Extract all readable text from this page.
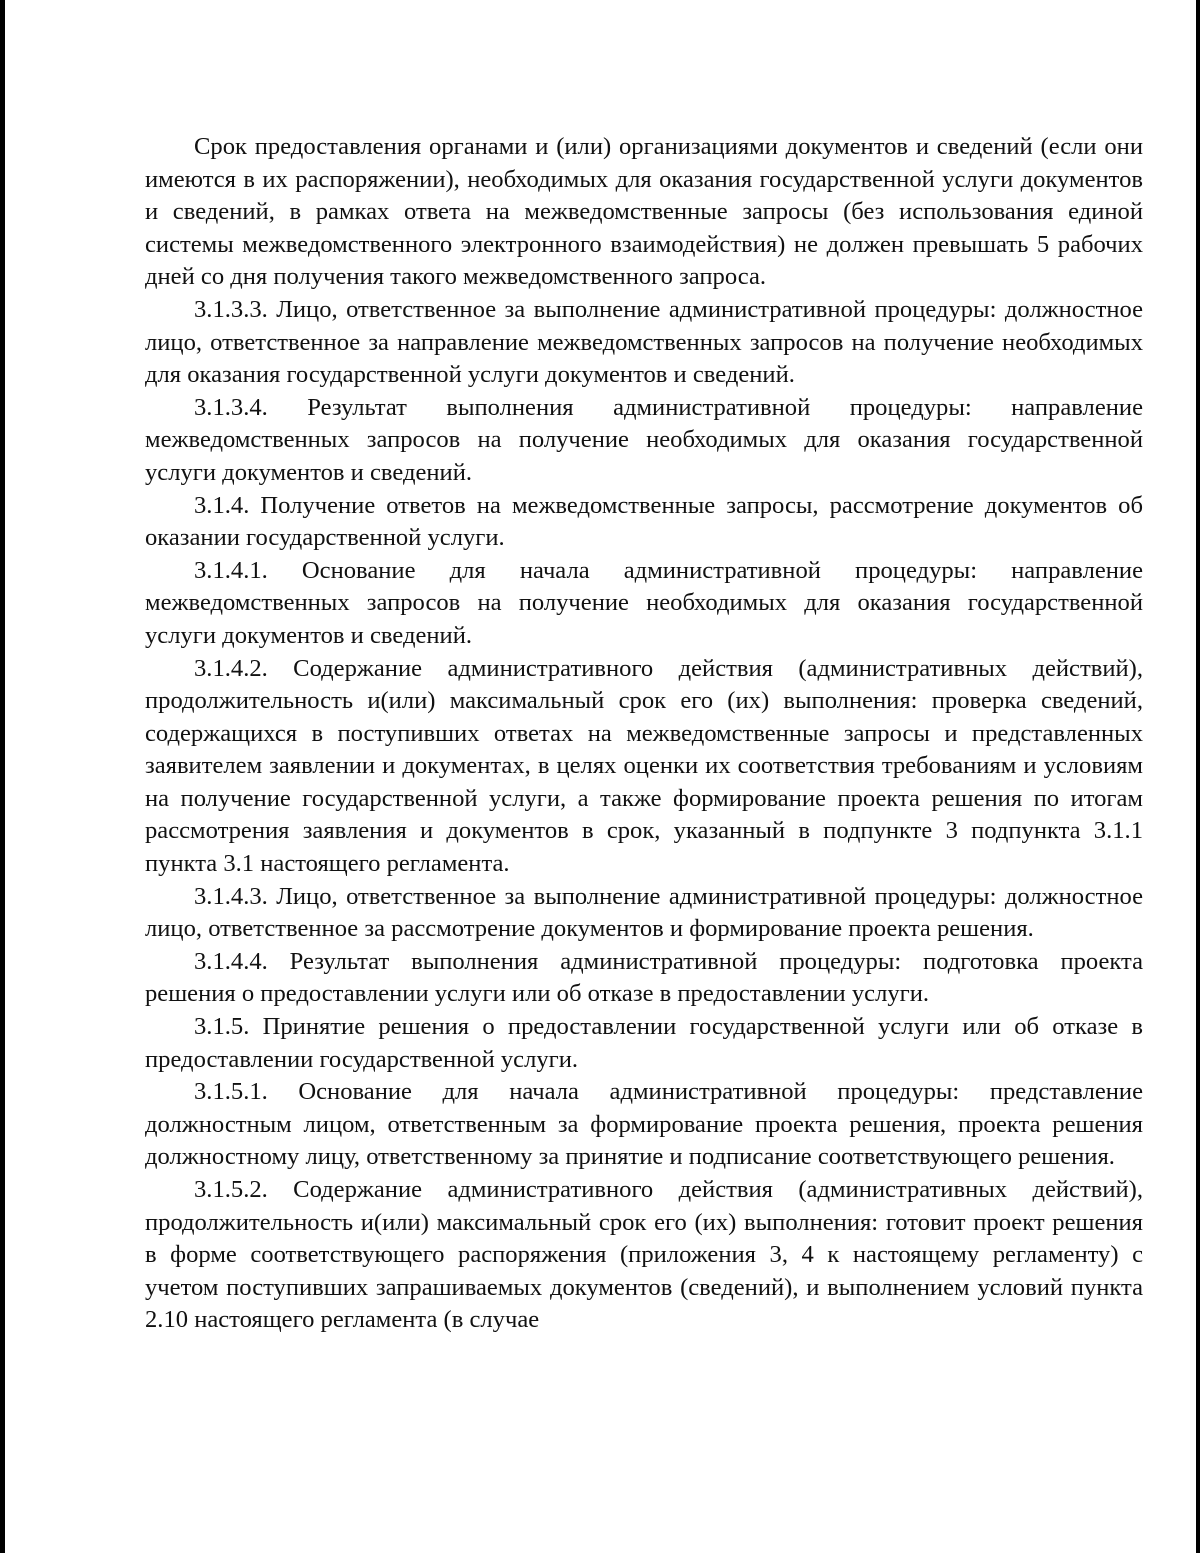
Срок предоставления органами и (или) организациями документов и сведений (если они имеются в их распоряжении), необходимых для оказания государственной услуги документов и сведений, в рамках ответа на межведомственные запросы (без использования единой системы межведомственного электронного взаимодействия) не должен превышать 5 рабочих дней со дня получения такого межведомственного запроса.

3.1.3.3. Лицо, ответственное за выполнение административной процедуры: должностное лицо, ответственное за направление межведомственных запросов на получение необходимых для оказания государственной услуги документов и сведений.

3.1.3.4. Результат выполнения административной процедуры: направление межведомственных запросов на получение необходимых для оказания государственной услуги документов и сведений.

3.1.4. Получение ответов на межведомственные запросы, рассмотрение документов об оказании государственной услуги.

3.1.4.1. Основание для начала административной процедуры: направление межведомственных запросов на получение необходимых для оказания государственной услуги документов и сведений.

3.1.4.2. Содержание административного действия (административных действий), продолжительность и(или) максимальный срок его (их) выполнения: проверка сведений, содержащихся в поступивших ответах на межведомственные запросы и представленных заявителем заявлении и документах, в целях оценки их соответствия требованиям и условиям на получение государственной услуги, а также формирование проекта решения по итогам рассмотрения заявления и документов в срок, указанный в подпункте 3 подпункта 3.1.1 пункта 3.1 настоящего регламента.

3.1.4.3. Лицо, ответственное за выполнение административной процедуры: должностное лицо, ответственное за рассмотрение документов и формирование проекта решения.

3.1.4.4. Результат выполнения административной процедуры: подготовка проекта решения о предоставлении услуги или об отказе в предоставлении услуги.

3.1.5. Принятие решения о предоставлении государственной услуги или об отказе в предоставлении государственной услуги.

3.1.5.1. Основание для начала административной процедуры: представление должностным лицом, ответственным за формирование проекта решения, проекта решения должностному лицу, ответственному за принятие и подписание соответствующего решения.

3.1.5.2. Содержание административного действия (административных действий), продолжительность и(или) максимальный срок его (их) выполнения: готовит проект решения в форме соответствующего распоряжения (приложения 3, 4 к настоящему регламенту) с учетом поступивших запрашиваемых документов (сведений), и выполнением условий пункта 2.10 настоящего регламента (в случае
